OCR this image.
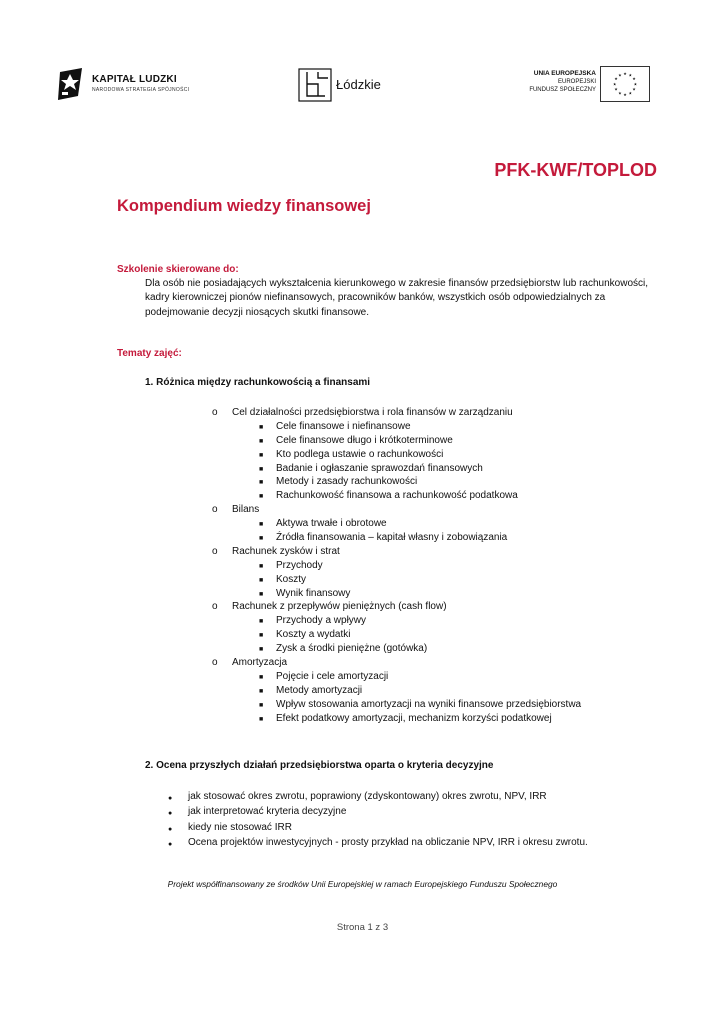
KAPITAŁ LUDZKI
NARODOWA STRATEGIA SPÓJNOŚCI	Łódzkie
UNIA EUROPEJSKA
EUROPEJSKI
FUNDUSZ SPOŁECZNY
★
★
★
★
★
★
★
★
★ ★ ★
★
PFK-KWF/TOPLOD
Kompendium wiedzy finansowej
Szkolenie skierowane do:
Dla osób nie posiadających wykształcenia kierunkowego w zakresie finansów przedsiębiorstw lub rachunkowości,
kadry kierowniczej pionów niefinansowych, pracowników banków, wszystkich osób odpowiedzialnych za
podejmowanie decyzji niosących skutki finansowe.
Tematy zajęć:
1. Różnica między rachunkowością a finansami
o Cel działalności przedsiębiorstwa i rola finansów w zarządzaniu
■ Cele finansowe i niefinansowe
■ Cele finansowe długo i krótkoterminowe
■ Kto podlega ustawie o rachunkowości
■ Badanie i ogłaszanie sprawozdań finansowych
■ Metody i zasady rachunkowości
■ Rachunkowość finansowa a rachunkowość podatkowa
o Bilans
■ Aktywa trwałe i obrotowe
■ Źródła finansowania – kapitał własny i zobowiązania
o Rachunek zysków i strat
■ Przychody
■ Koszty
■ Wynik finansowy
o Rachunek z przepływów pieniężnych (cash flow)
■ Przychody a wpływy
■ Koszty a wydatki
■ Zysk a środki pieniężne (gotówka)
o Amortyzacja
■ Pojęcie i cele amortyzacji
■ Metody amortyzacji
■ Wpływ stosowania amortyzacji na wyniki finansowe przedsiębiorstwa
■ Efekt podatkowy amortyzacji, mechanizm korzyści podatkowej
2. Ocena przyszłych działań przedsiębiorstwa oparta o kryteria decyzyjne
● jak stosować okres zwrotu, poprawiony (zdyskontowany) okres zwrotu, NPV, IRR
● jak interpretować kryteria decyzyjne
● kiedy nie stosować IRR
● Ocena projektów inwestycyjnych - prosty przykład na obliczanie NPV, IRR i okresu zwrotu.
Projekt współfinansowany ze środków Unii Europejskiej w ramach Europejskiego Funduszu Społecznego
Strona 1 z 3
